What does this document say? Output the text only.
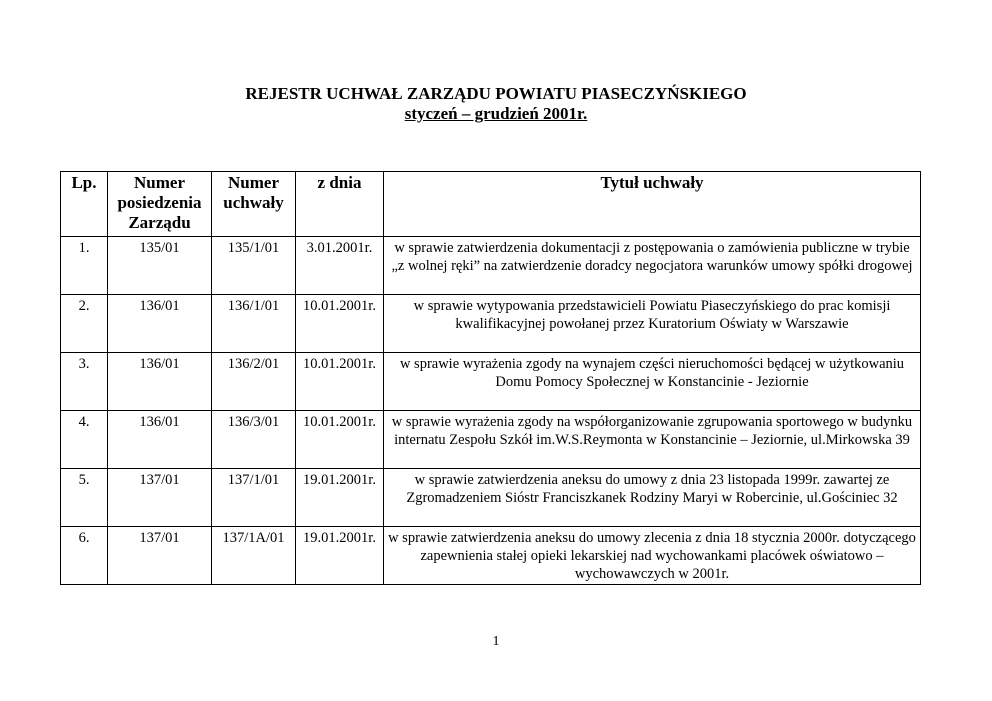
REJESTR UCHWAŁ ZARZĄDU POWIATU PIASECZYŃSKIEGO
styczeń – grudzień 2001r.
Lp.	Numer posiedzenia Zarządu	Numer uchwały	z dnia	Tytuł uchwały
1.	135/01	135/1/01	3.01.2001r.	w sprawie zatwierdzenia dokumentacji z postępowania o zamówienia publiczne w trybie „z wolnej ręki” na zatwierdzenie doradcy negocjatora warunków umowy spółki drogowej
2.	136/01	136/1/01	10.01.2001r.	w sprawie wytypowania przedstawicieli Powiatu Piaseczyńskiego do prac komisji kwalifikacyjnej powołanej przez Kuratorium Oświaty w Warszawie
3.	136/01	136/2/01	10.01.2001r.	w sprawie wyrażenia zgody na wynajem części nieruchomości będącej w użytkowaniu Domu Pomocy Społecznej w Konstancinie - Jeziornie
4.	136/01	136/3/01	10.01.2001r.	w sprawie wyrażenia zgody na współorganizowanie zgrupowania sportowego w budynku internatu Zespołu Szkół im.W.S.Reymonta w Konstancinie – Jeziornie, ul.Mirkowska 39
5.	137/01	137/1/01	19.01.2001r.	w sprawie zatwierdzenia aneksu do umowy z dnia 23 listopada 1999r. zawartej ze Zgromadzeniem Sióstr Franciszkanek Rodziny Maryi w Robercinie, ul.Gościniec 32
6.	137/01	137/1A/01	19.01.2001r.	w sprawie zatwierdzenia aneksu do umowy zlecenia z dnia 18 stycznia 2000r. dotyczącego zapewnienia stałej opieki lekarskiej nad wychowankami placówek oświatowo – wychowawczych w 2001r.
1
